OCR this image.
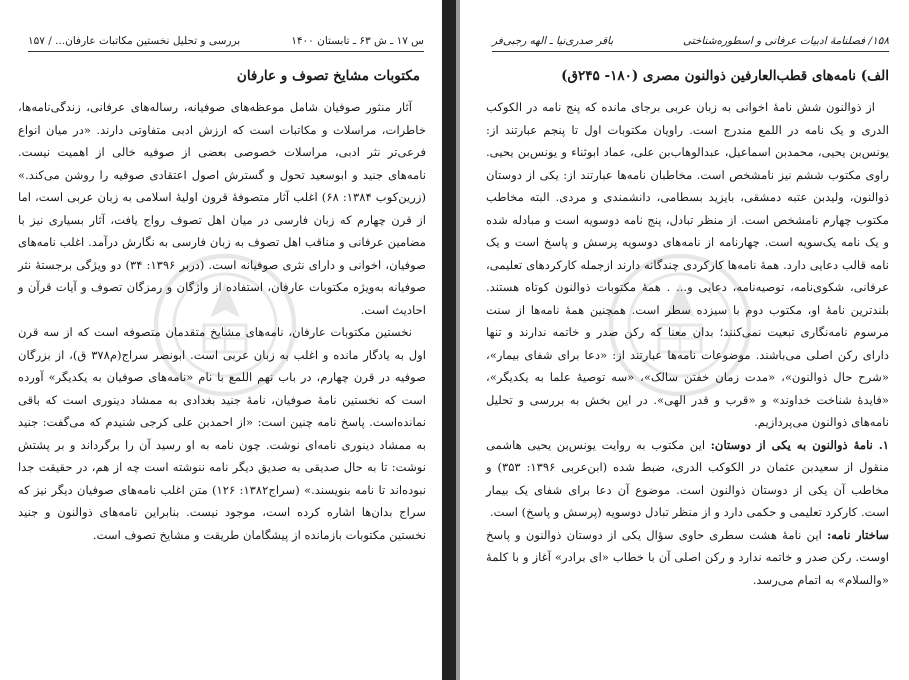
س ۱۷ ـ ش ۶۳ ـ تابستان ۱۴۰۰
بررسی و تحلیل نخستین مکاتبات عارفان... / ۱۵۷
مکتوبات مشایخ تصوف و عارفان

آثار منثور صوفیان شامل موعظه‌های صوفیانه، رساله‌های عرفانی، زندگی‌نامه‌ها، خاطرات، مراسلات و مکاتبات است که ارزش ادبی متفاوتی دارند. «در میان انواع فرعی‌تر نثر ادبی، مراسلات خصوصی بعضی از صوفیه خالی از اهمیت نیست. نامه‌های جنید و ابوسعید تحول و گسترش اصول اعتقادی صوفیه را روشن می‌کند.» (زرین‌کوب ۱۳۸۴: ۶۸) اغلب آثار متصوفهٔ قرون اولیهٔ اسلامی به زبان عربی است، اما از قرن چهارم که زبان فارسی در میان اهل تصوف رواج یافت، آثار بسیاری نیز با مضامین عرفانی و مناقب اهل تصوف به زبان فارسی به نگارش درآمد. اغلب نامه‌های صوفیان، اخوانی و دارای نثری صوفیانه است. (دربر ۱۳۹۶: ۳۴) دو ویژگی برجستهٔ نثر صوفیانه به‌ویژه مکتوبات عارفان، استفاده از واژگان و رمزگان تصوف و آیات قرآن و احادیث است.

نخستین مکتوبات عارفان، نامه‌های مشایخ متقدمان متصوفه است که از سه قرن اول به یادگار مانده و اغلب به زبان عربی است. ابونصر سراج(م۳۷۸ ق)، از بزرگان صوفیه در قرن چهارم، در باب نهم اللمع با نام «نامه‌های صوفیان به یکدیگر» آورده است که نخستین نامهٔ صوفیان، نامهٔ جنید بغدادی به ممشاد دینوری است که باقی نمانده‌است. پاسخ نامه چنین است: «از احمدبن علی کرجی شنیدم که می‌گفت: جنید به ممشاد دینوری نامه‌ای نوشت. چون نامه به او رسید آن را برگرداند و بر پشتش نوشت: تا به حال صدیقی به صدیق دیگر نامه ننوشته است چه از هم، در حقیقت جدا نبوده‌اند تا نامه بنویسند.» (سراج۱۳۸۲: ۱۲۶) متن اغلب نامه‌های صوفیان دیگر نیز که سراج بدان‌ها اشاره کرده است، موجود نیست. بنابراین نامه‌های ذوالنون و جنید نخستین مکتوبات بازمانده از پیشگامان طریقت و مشایخ تصوف است.

۱۵۸/ فصلنامهٔ ادبیات عرفانی و اسطوره‌شناختی
باقر صدری‌نیا ـ الهه رجبی‌فر
الف) نامه‌های قطب‌العارفین ذوالنون مصری (۱۸۰- ۲۴۵ق)

از ذوالنون شش نامهٔ اخوانی به زبان عربی برجای مانده که پنج نامه در الکوکب الدری و یک نامه در اللمع مندرج است. راویان مکتوبات اول تا پنجم عبارتند از: یونس‌بن یحیی، محمدبن اسماعیل، عبدالوهاب‌بن علی، عماد ابوثناء و یونس‌بن یحیی. راوی مکتوب ششم نیز نامشخص است. مخاطبان نامه‌ها عبارتند از: یکی از دوستان ذوالنون، ولیدبن عتبه دمشقی، بایزید بسطامی، دانشمندی و مردی. البته مخاطب مکتوب چهارم نامشخص است. از منظر تبادل، پنج نامه دوسویه است و مبادله شده و یک نامه یک‌سویه است. چهارنامه از نامه‌های دوسویه پرسش و پاسخ است و یک نامه قالب دعایی دارد. همهٔ نامه‌ها کارکردی چندگانه دارند ازجمله کارکردهای تعلیمی، عرفانی، شکوی‌نامه، توصیه‌نامه، دعایی و... . همهٔ مکتوبات ذوالنون کوتاه هستند. بلندترین نامهٔ او، مکتوب دوم با سیزده سطر است. همچنین همهٔ نامه‌ها از سنت مرسوم نامه‌نگاری تبعیت نمی‌کنند؛ بدان معنا که رکن صدر و خاتمه ندارند و تنها دارای رکن اصلی می‌باشند. موضوعات نامه‌ها عبارتند از: «دعا برای شفای بیمار»، «شرح حال ذوالنون»، «مدت زمان خفتن سالک»، «سه توصیهٔ علما به یکدیگر»، «فایدهٔ شناخت خداوند» و «قرب و قدر الهی». در این بخش به بررسی و تحلیل نامه‌های ذوالنون می‌پردازیم.

۱. نامهٔ ذوالنون به یکی از دوستان: این مکتوب به روایت یونس‌بن یحیی هاشمی منقول از سعیدبن عثمان در الکوکب الدری، ضبط شده (ابن‌عربی ۱۳۹۶: ۳۵۳) و مخاطب آن یکی از دوستان ذوالنون است. موضوع آن دعا برای شفای یک بیمار است. کارکرد تعلیمی و حکمی دارد و از منظر تبادل دوسویه (پرسش و پاسخ) است.

ساختار نامه: این نامهٔ هشت سطری حاوی سؤال یکی از دوستان ذوالنون و پاسخ اوست. رکن صدر و خاتمه ندارد و رکن اصلی آن با خطاب «ای برادر» آغاز و با کلمهٔ «والسلام» به اتمام می‌رسد.
